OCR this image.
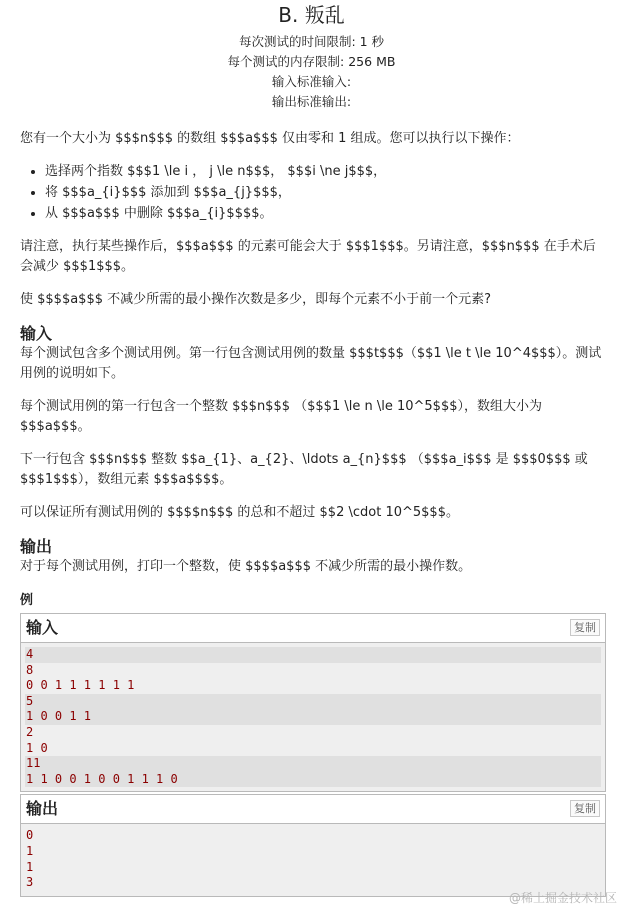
B. 叛乱
每次测试的时间限制: 1 秒
每个测试的内存限制: 256 MB
输入标准输入:
输出标准输出:

您有一个大小为 $$$n$$$ 的数组 $$$a$$$ 仅由零和 1 组成。您可以执行以下操作：

• 选择两个指数 $$$1 \le i ， j \le n$$$， $$$i \ne j$$$，
• 将 $$$a_{i}$$$ 添加到 $$$a_{j}$$$，
• 从 $$$a$$$ 中删除 $$$a_{i}$$$$。

请注意，执行某些操作后，$$$a$$$ 的元素可能会大于 $$$1$$$。另请注意，$$$n$$$ 在手术后会减少 $$$1$$$。

使 $$$$a$$$ 不减少所需的最小操作次数是多少，即每个元素不小于前一个元素?

输入

每个测试包含多个测试用例。第一行包含测试用例的数量 $$$t$$$（$$1 \le t \le 10^4$$$）。测试用例的说明如下。

每个测试用例的第一行包含一个整数 $$$n$$$ （$$$1 \le n \le 10^5$$$），数组大小为 $$$a$$$。

下一行包含 $$$n$$$ 整数 $$a_{1}、a_{2}、\ldots a_{n}$$$ （$$$a_i$$$ 是 $$$0$$$ 或 $$$1$$$），数组元素 $$$a$$$$。

可以保证所有测试用例的 $$$$n$$$ 的总和不超过 $$2 \cdot 10^5$$$。

输出

对于每个测试用例，打印一个整数，使 $$$$a$$$ 不减少所需的最小操作数。

例
输入	复制
4
8
0 0 1 1 1 1 1 1
5
1 0 0 1 1
2
1 0
11
1 1 0 0 1 0 0 1 1 1 0
输出	复制
0
1
1
3
@稀土掘金技术社区
